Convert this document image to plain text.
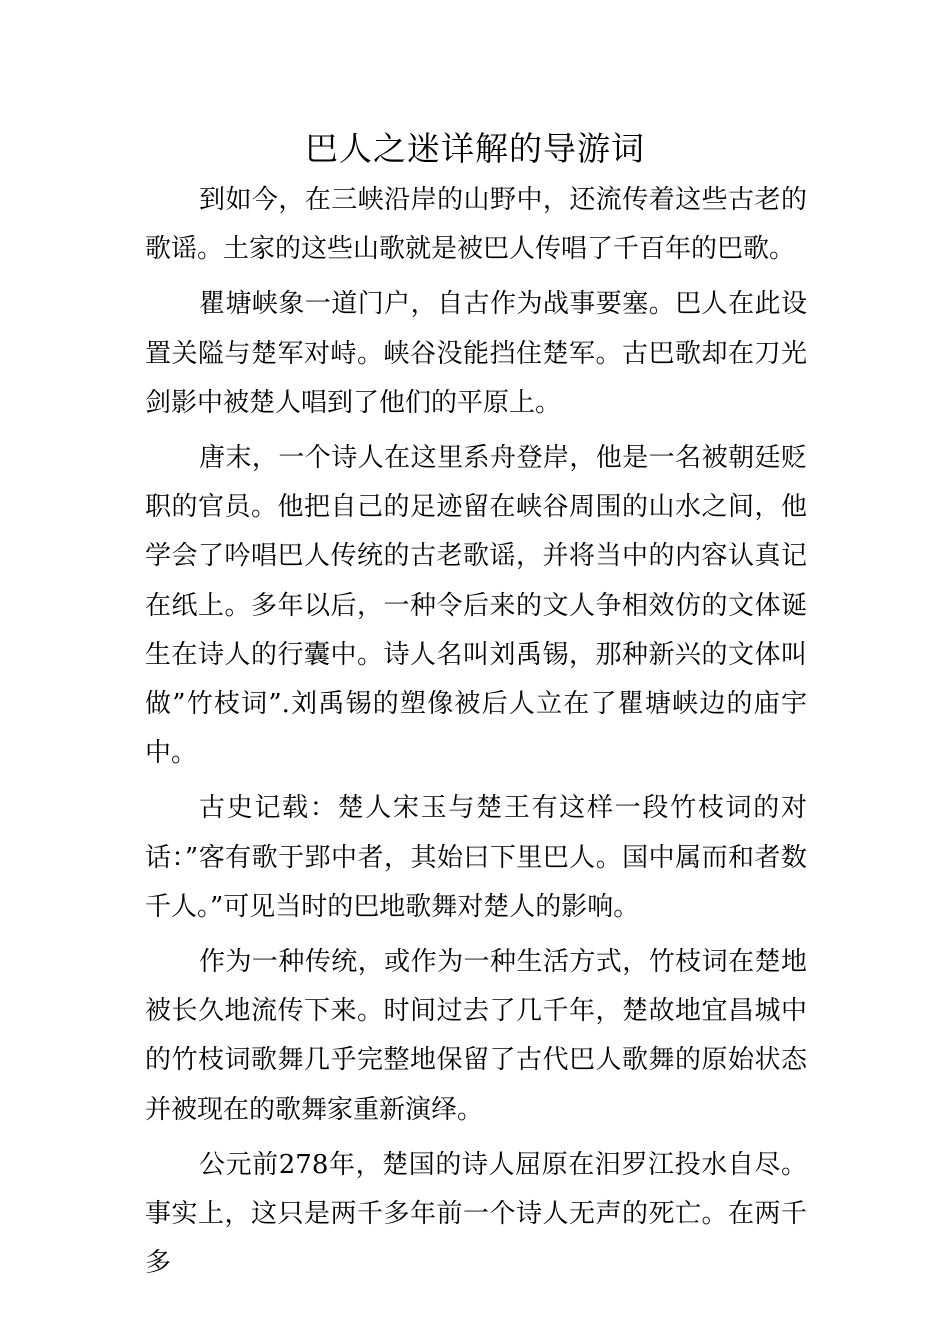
巴人之迷详解的导游词

到如今，在三峡沿岸的山野中，还流传着这些古老的歌谣。土家的这些山歌就是被巴人传唱了千百年的巴歌。

瞿塘峡象一道门户，自古作为战事要塞。巴人在此设置关隘与楚军对峙。峡谷没能挡住楚军。古巴歌却在刀光剑影中被楚人唱到了他们的平原上。

唐末，一个诗人在这里系舟登岸，他是一名被朝廷贬职的官员。他把自己的足迹留在峡谷周围的山水之间，他学会了吟唱巴人传统的古老歌谣，并将当中的内容认真记在纸上。多年以后，一种令后来的文人争相效仿的文体诞生在诗人的行囊中。诗人名叫刘禹锡，那种新兴的文体叫做”竹枝词”.刘禹锡的塑像被后人立在了瞿塘峡边的庙宇中。

古史记载：楚人宋玉与楚王有这样一段竹枝词的对话：”客有歌于郢中者，其始曰下里巴人。国中属而和者数千人。”可见当时的巴地歌舞对楚人的影响。

作为一种传统，或作为一种生活方式，竹枝词在楚地被长久地流传下来。时间过去了几千年，楚故地宜昌城中的竹枝词歌舞几乎完整地保留了古代巴人歌舞的原始状态并被现在的歌舞家重新演绎。

公元前278年，楚国的诗人屈原在汨罗江投水自尽。事实上，这只是两千多年前一个诗人无声的死亡。在两千多
